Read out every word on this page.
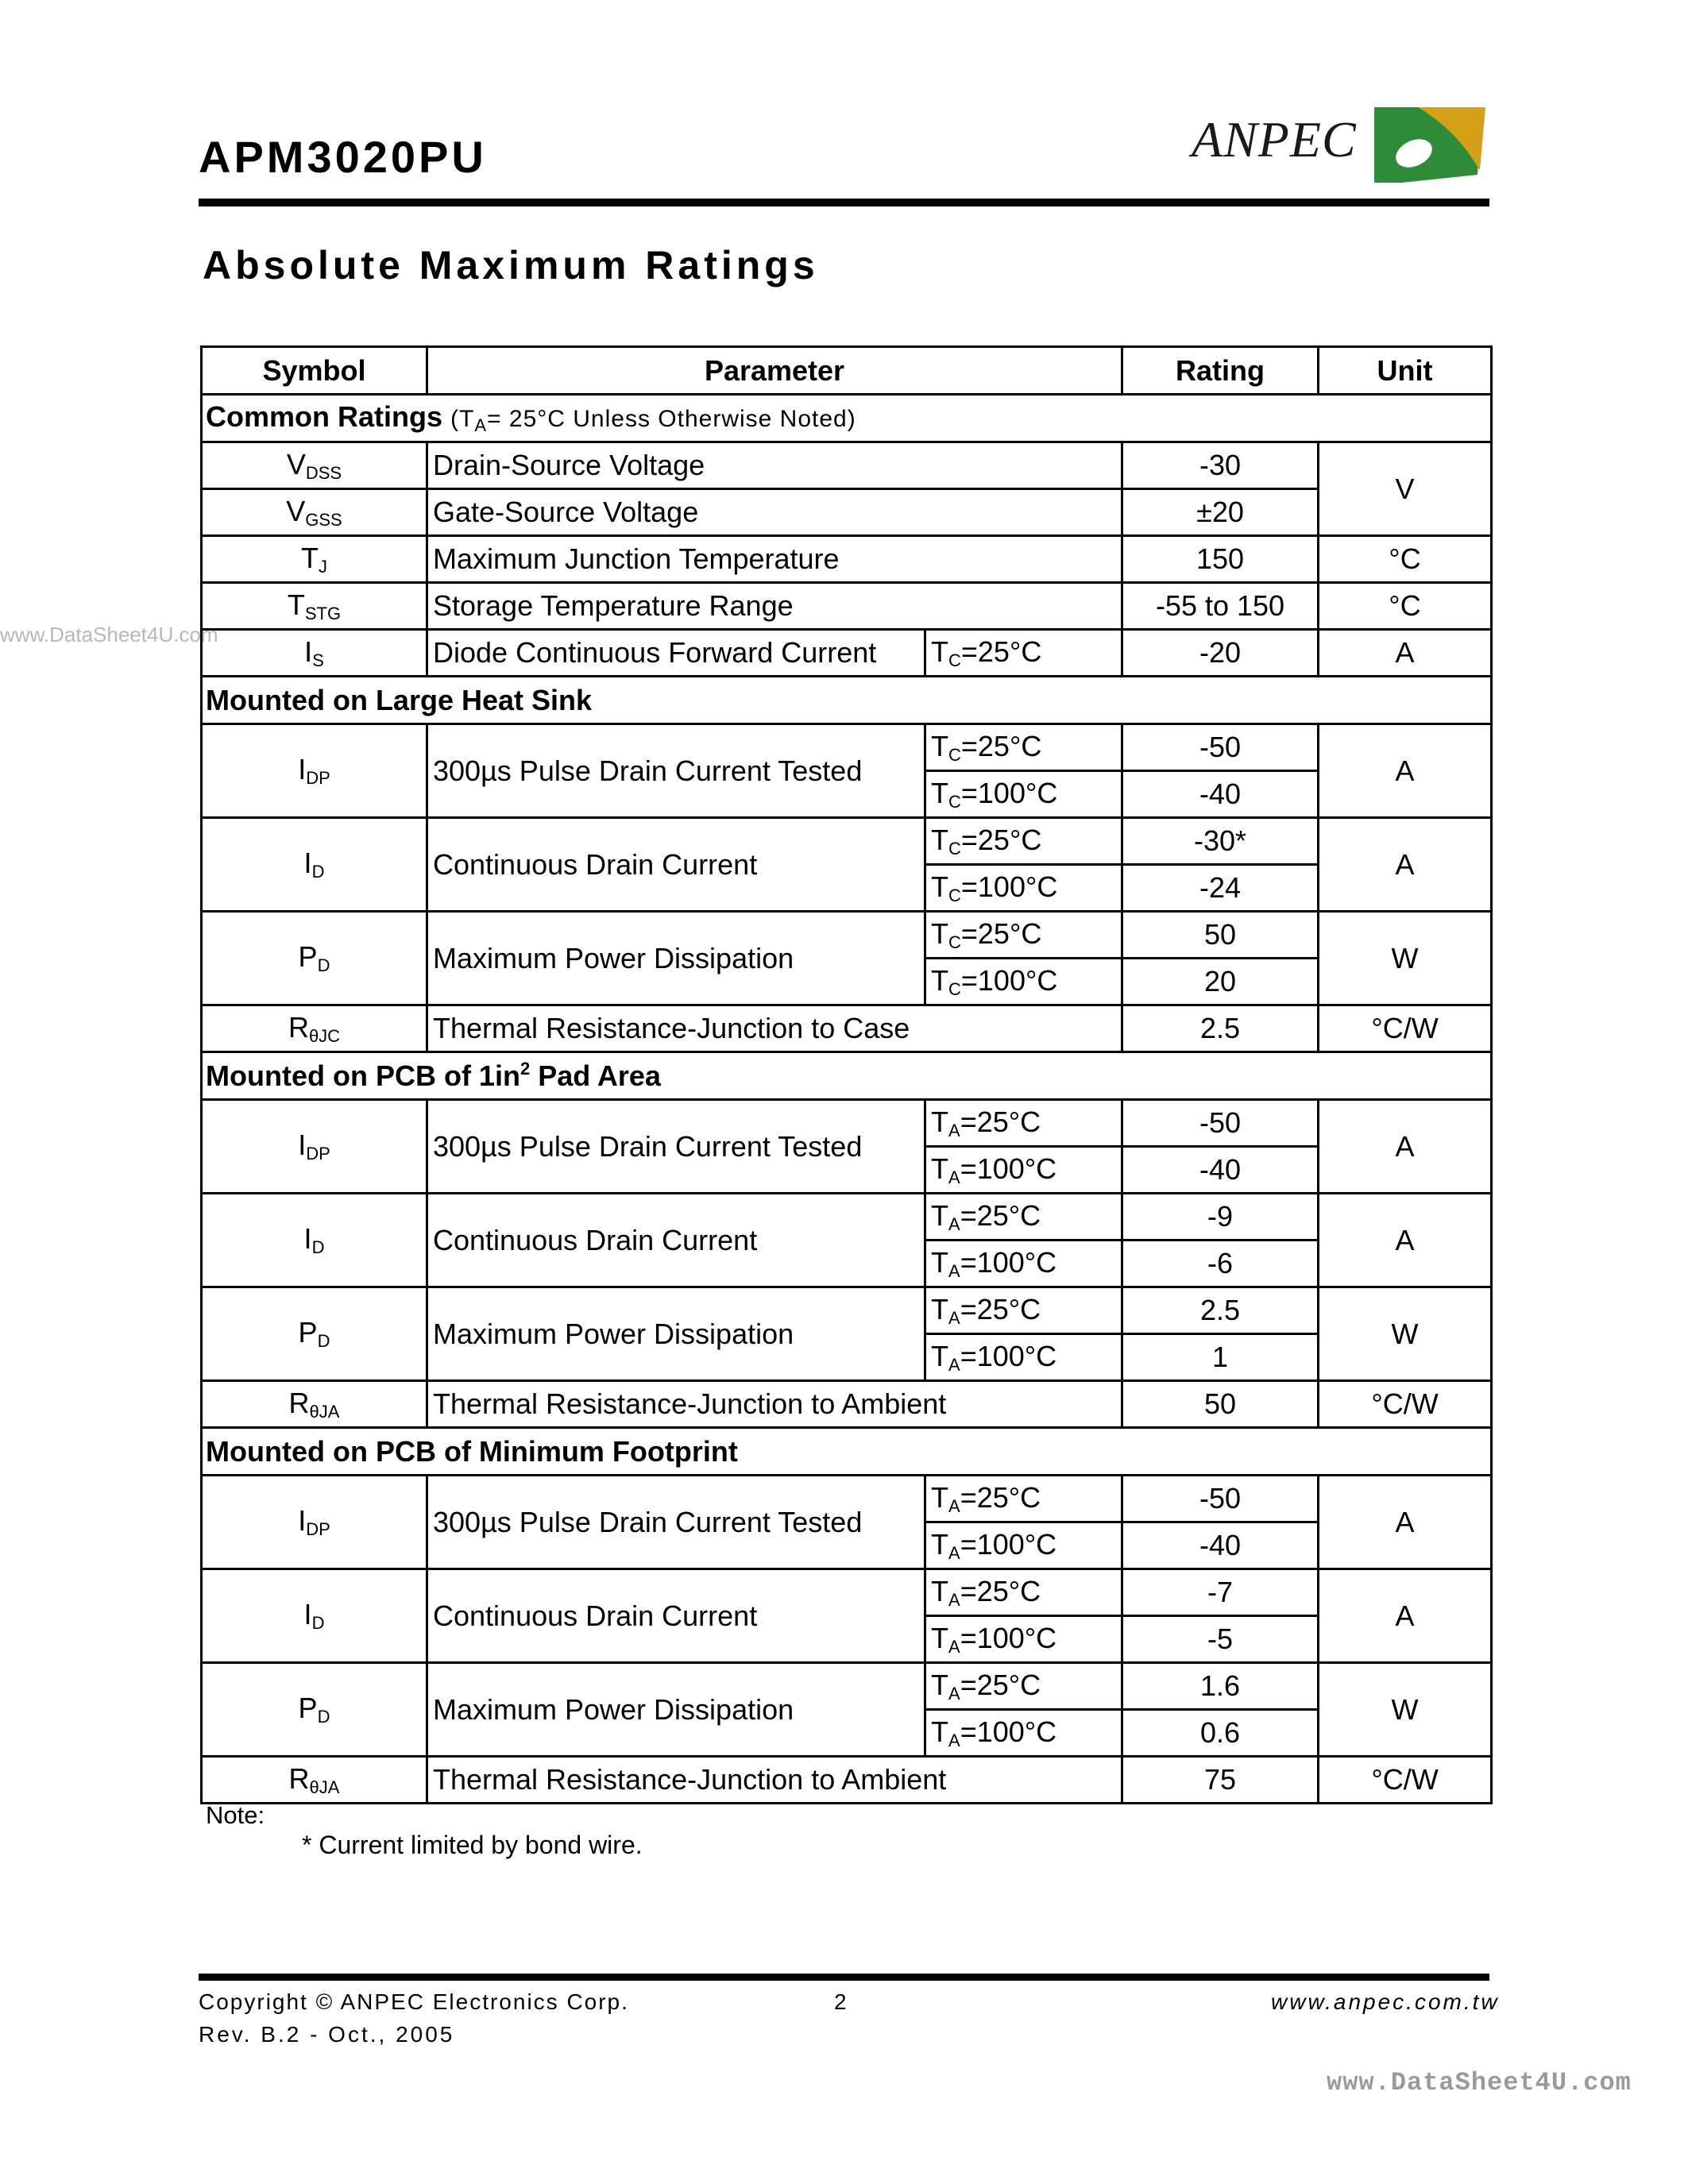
APM3020PU	ANPEC
Absolute Maximum Ratings
www.DataSheet4U.com
Symbol	Parameter		Rating	Unit
Common Ratings ($T_A= 25^\circ C$ Unless Otherwise Noted)				
$V_{DSS}$	Drain-Source Voltage		-30	V
$V_{GSS}$	Gate-Source Voltage		±20	
$T_J$	Maximum Junction Temperature		150	°C
$T_{STG}$	Storage Temperature Range		-55 to 150	°C
$I_S$	Diode Continuous Forward Current	$T_C=25^\circ C$	-20	A
Mounted on Large Heat Sink				
$I_{DP}$	300µs Pulse Drain Current Tested	$T_C=25^\circ C$	-50	A
		$T_C=100^\circ C$	-40	
$I_D$	Continuous Drain Current	$T_C=25^\circ C$	-30*	A
		$T_C=100^\circ C$	-24	
$P_D$	Maximum Power Dissipation	$T_C=25^\circ C$	50	W
		$T_C=100^\circ C$	20	
$R_{\theta JC}$	Thermal Resistance-Junction to Case		2.5	°C/W
Mounted on PCB of $1in^2$ Pad Area				
$I_{DP}$	300µs Pulse Drain Current Tested	$T_A=25^\circ C$	-50	A
		$T_A=100^\circ C$	-40	
$I_D$	Continuous Drain Current	$T_A=25^\circ C$	-9	A
		$T_A=100^\circ C$	-6	
$P_D$	Maximum Power Dissipation	$T_A=25^\circ C$	2.5	W
		$T_A=100^\circ C$	1	
$R_{\theta JA}$	Thermal Resistance-Junction to Ambient		50	°C/W
Mounted on PCB of Minimum Footprint				
$I_{DP}$	300µs Pulse Drain Current Tested	$T_A=25^\circ C$	-50	A
		$T_A=100^\circ C$	-40	
$I_D$	Continuous Drain Current	$T_A=25^\circ C$	-7	A
		$T_A=100^\circ C$	-5	
$P_D$	Maximum Power Dissipation	$T_A=25^\circ C$	1.6	W
		$T_A=100^\circ C$	0.6	
$R_{\theta JA}$	Thermal Resistance-Junction to Ambient		75	°C/W
Note:
* Current limited by bond wire.
Copyright © ANPEC Electronics Corp.	2	www.anpec.com.tw
Rev. B.2 - Oct., 2005
www.DataSheet4U.com
